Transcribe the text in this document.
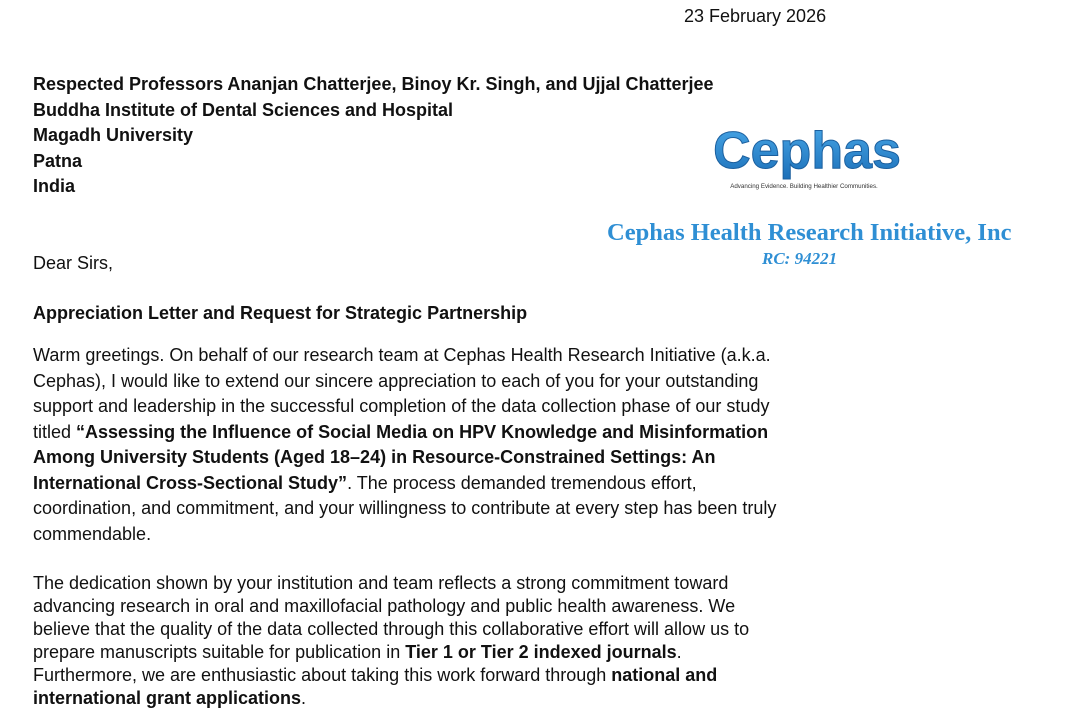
23 February 2026
Respected Professors Ananjan Chatterjee, Binoy Kr. Singh, and Ujjal Chatterjee
Buddha Institute of Dental Sciences and Hospital
Magadh University
Patna
India
Cephas
Advancing Evidence. Building Healthier Communities.
Cephas Health Research Initiative, Inc
RC: 94221
Dear Sirs,
Appreciation Letter and Request for Strategic Partnership
Warm greetings. On behalf of our research team at Cephas Health Research Initiative (a.k.a.
Cephas), I would like to extend our sincere appreciation to each of you for your outstanding
support and leadership in the successful completion of the data collection phase of our study
titled “Assessing the Influence of Social Media on HPV Knowledge and Misinformation
Among University Students (Aged 18–24) in Resource-Constrained Settings: An
International Cross-Sectional Study”. The process demanded tremendous effort,
coordination, and commitment, and your willingness to contribute at every step has been truly
commendable.
The dedication shown by your institution and team reflects a strong commitment toward
advancing research in oral and maxillofacial pathology and public health awareness. We
believe that the quality of the data collected through this collaborative effort will allow us to
prepare manuscripts suitable for publication in Tier 1 or Tier 2 indexed journals.
Furthermore, we are enthusiastic about taking this work forward through national and
international grant applications.
